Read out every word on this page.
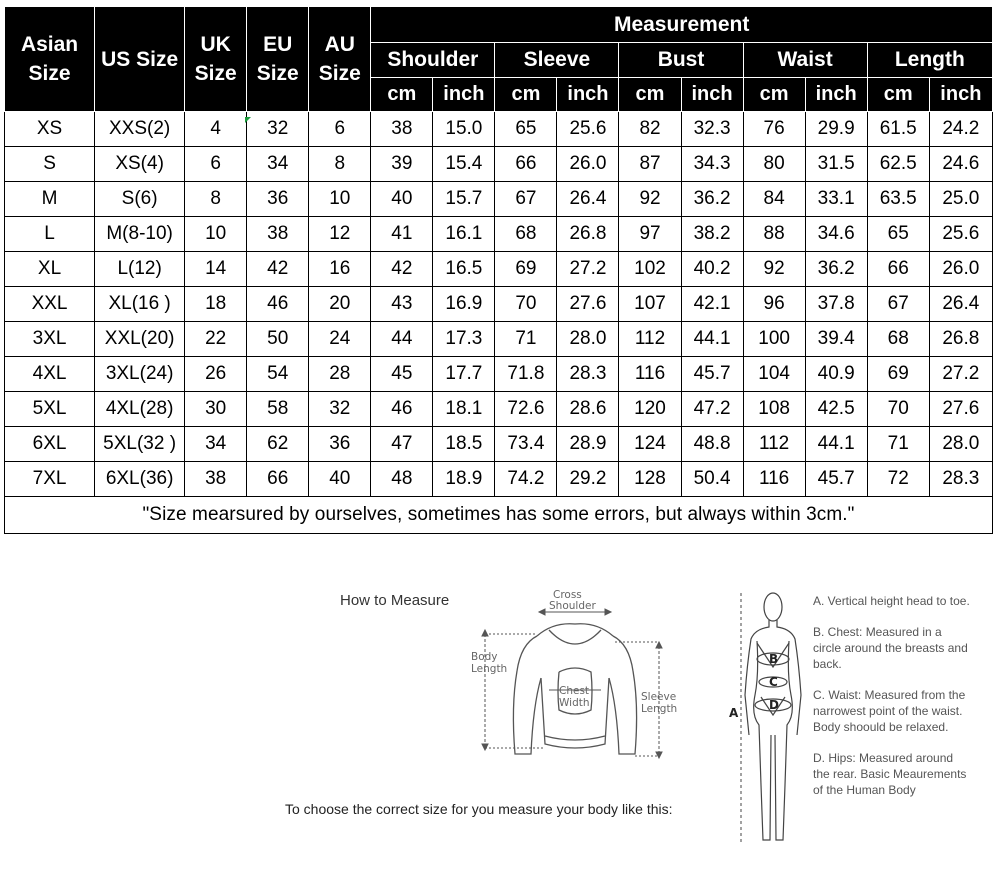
Asian Size	US Size	UK Size	EU Size	AU Size	Measurement									
					Shoulder		Sleeve		Bust		Waist		Length	
					cm	inch	cm	inch	cm	inch	cm	inch	cm	inch
XS	XXS(2)	4	32	6	38	15.0	65	25.6	82	32.3	76	29.9	61.5	24.2
S	XS(4)	6	34	8	39	15.4	66	26.0	87	34.3	80	31.5	62.5	24.6
M	S(6)	8	36	10	40	15.7	67	26.4	92	36.2	84	33.1	63.5	25.0
L	M(8-10)	10	38	12	41	16.1	68	26.8	97	38.2	88	34.6	65	25.6
XL	L(12)	14	42	16	42	16.5	69	27.2	102	40.2	92	36.2	66	26.0
XXL	XL(16 )	18	46	20	43	16.9	70	27.6	107	42.1	96	37.8	67	26.4
3XL	XXL(20)	22	50	24	44	17.3	71	28.0	112	44.1	100	39.4	68	26.8
4XL	3XL(24)	26	54	28	45	17.7	71.8	28.3	116	45.7	104	40.9	69	27.2
5XL	4XL(28)	30	58	32	46	18.1	72.6	28.6	120	47.2	108	42.5	70	27.6
6XL	5XL(32 )	34	62	36	47	18.5	73.4	28.9	124	48.8	112	44.1	71	28.0
7XL	6XL(36)	38	66	40	48	18.9	74.2	29.2	128	50.4	116	45.7	72	28.3
"Size mearsured by ourselves, sometimes has some errors, but always within 3cm."														
How to Measure	Cross
Shoulder
Body
Length
Chest
Width	Sleeve
Length	A
B
C
D
A. Vertical height head to toe.
B. Chest: Measured in a circle around the breasts and back.
C. Waist: Measured from the narrowest point of the waist. Body shoould be relaxed.
D. Hips: Measured around the rear. Basic Meaurements of the Human Body
To choose the correct size for you measure your body like this:
